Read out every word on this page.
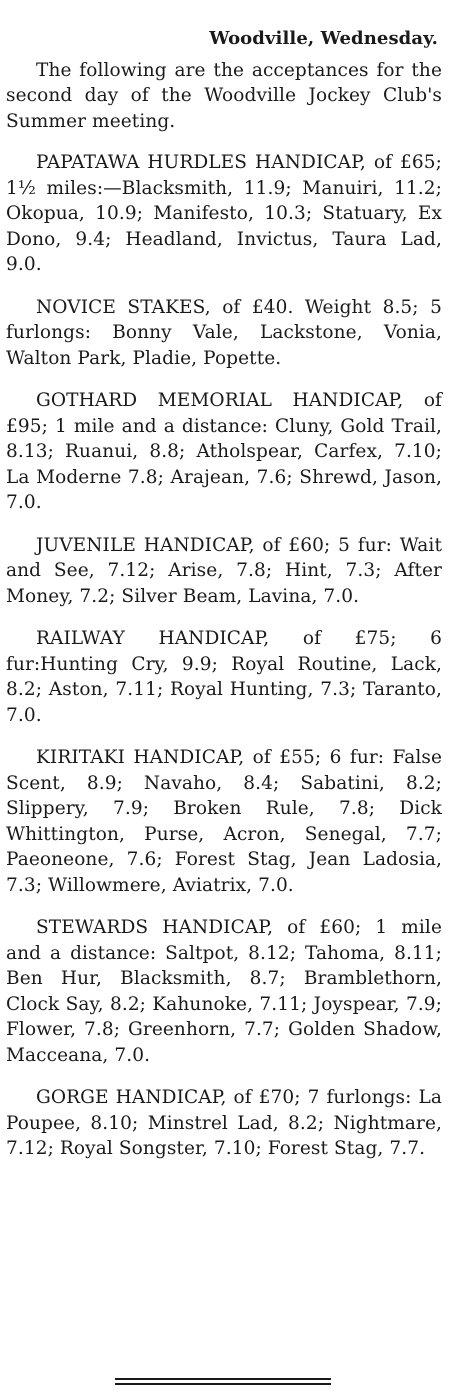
Woodville, Wednesday.

The following are the acceptances for the second day of the Woodville Jockey Club's Summer meeting.

PAPATAWA HURDLES HANDICAP, of £65; 1½ miles:—Blacksmith, 11.9; Manuiri, 11.2; Okopua, 10.9; Manifesto, 10.3; Statuary, Ex Dono, 9.4; Headland, Invictus, Taura Lad, 9.0.

NOVICE STAKES, of £40. Weight 8.5; 5 furlongs: Bonny Vale, Lackstone, Vonia, Walton Park, Pladie, Popette.

GOTHARD MEMORIAL HANDICAP, of £95; 1 mile and a distance: Cluny, Gold Trail, 8.13; Ruanui, 8.8; Atholspear, Carfex, 7.10; La Moderne 7.8; Arajean, 7.6; Shrewd, Jason, 7.0.

JUVENILE HANDICAP, of £60; 5 fur: Wait and See, 7.12; Arise, 7.8; Hint, 7.3; After Money, 7.2; Silver Beam, Lavina, 7.0.

RAILWAY HANDICAP, of £75; 6 fur:Hunting Cry, 9.9; Royal Routine, Lack, 8.2; Aston, 7.11; Royal Hunting, 7.3; Taranto, 7.0.

KIRITAKI HANDICAP, of £55; 6 fur: False Scent, 8.9; Navaho, 8.4; Sabatini, 8.2; Slippery, 7.9; Broken Rule, 7.8; Dick Whittington, Purse, Acron, Senegal, 7.7; Paeoneone, 7.6; Forest Stag, Jean Ladosia, 7.3; Willowmere, Aviatrix, 7.0.

STEWARDS HANDICAP, of £60; 1 mile and a distance: Saltpot, 8.12; Tahoma, 8.11; Ben Hur, Blacksmith, 8.7; Bramblethorn, Clock Say, 8.2; Kahunoke, 7.11; Joyspear, 7.9; Flower, 7.8; Greenhorn, 7.7; Golden Shadow, Macceana, 7.0.

GORGE HANDICAP, of £70; 7 furlongs: La Poupee, 8.10; Minstrel Lad, 8.2; Nightmare, 7.12; Royal Songster, 7.10; Forest Stag, 7.7.
